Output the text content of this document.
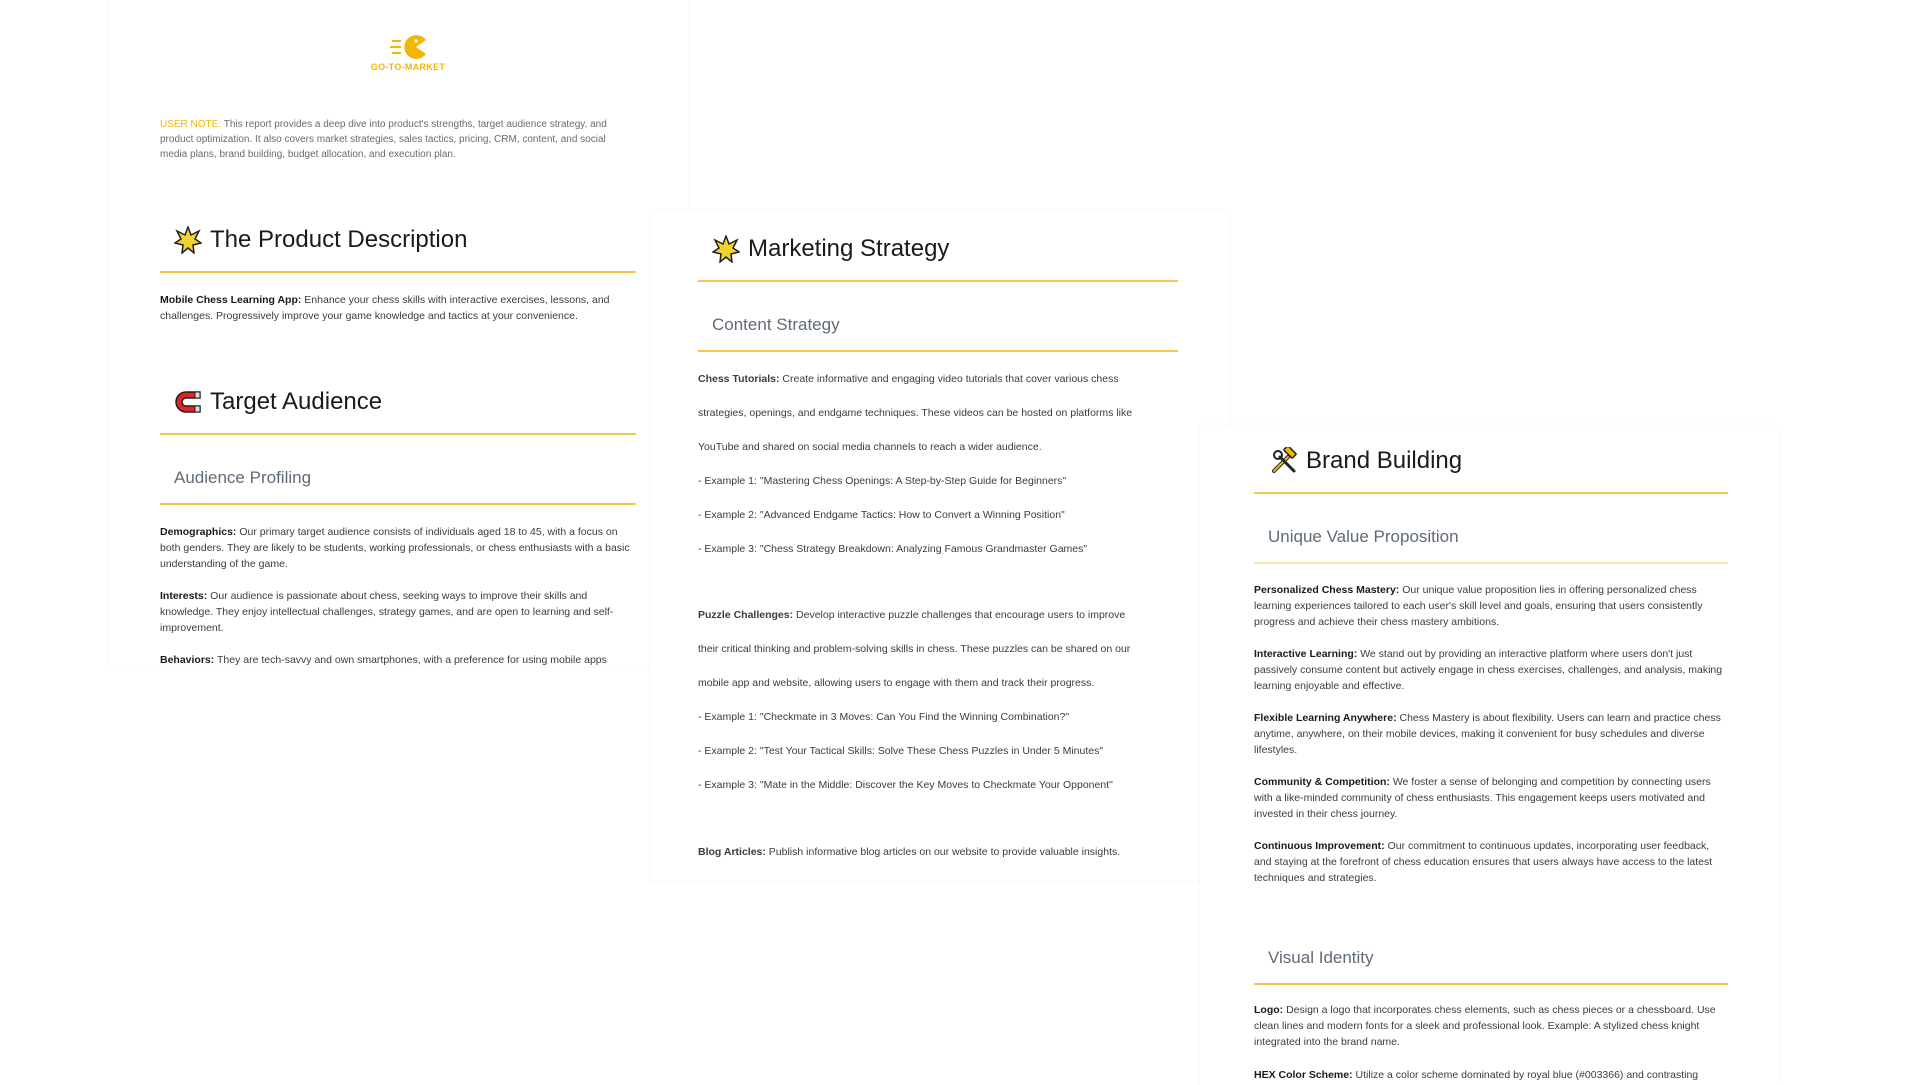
GO-TO-MARKET
USER NOTE: This report provides a deep dive into product's strengths, target audience strategy, and product optimization. It also covers market strategies, sales tactics, pricing, CRM, content, and social media plans, brand building, budget allocation, and execution plan.
The Product Description
Mobile Chess Learning App: Enhance your chess skills with interactive exercises, lessons, and challenges. Progressively improve your game knowledge and tactics at your convenience.
Target Audience
Audience Profiling
Demographics: Our primary target audience consists of individuals aged 18 to 45, with a focus on both genders. They are likely to be students, working professionals, or chess enthusiasts with a basic understanding of the game.
Interests: Our audience is passionate about chess, seeking ways to improve their skills and knowledge. They enjoy intellectual challenges, strategy games, and are open to learning and self-improvement.
Behaviors: They are tech-savvy and own smartphones, with a preference for using mobile apps
Marketing Strategy
Content Strategy
Chess Tutorials: Create informative and engaging video tutorials that cover various chess
strategies, openings, and endgame techniques. These videos can be hosted on platforms like
YouTube and shared on social media channels to reach a wider audience.
- Example 1: "Mastering Chess Openings: A Step-by-Step Guide for Beginners"
- Example 2: "Advanced Endgame Tactics: How to Convert a Winning Position"
- Example 3: "Chess Strategy Breakdown: Analyzing Famous Grandmaster Games"
Puzzle Challenges: Develop interactive puzzle challenges that encourage users to improve
their critical thinking and problem-solving skills in chess. These puzzles can be shared on our
mobile app and website, allowing users to engage with them and track their progress.
- Example 1: "Checkmate in 3 Moves: Can You Find the Winning Combination?"
- Example 2: "Test Your Tactical Skills: Solve These Chess Puzzles in Under 5 Minutes"
- Example 3: "Mate in the Middle: Discover the Key Moves to Checkmate Your Opponent"
Blog Articles: Publish informative blog articles on our website to provide valuable insights.
Brand Building
Unique Value Proposition
Personalized Chess Mastery: Our unique value proposition lies in offering personalized chess learning experiences tailored to each user's skill level and goals, ensuring that users consistently progress and achieve their chess mastery ambitions.
Interactive Learning: We stand out by providing an interactive platform where users don't just passively consume content but actively engage in chess exercises, challenges, and analysis, making learning enjoyable and effective.
Flexible Learning Anywhere: Chess Mastery is about flexibility. Users can learn and practice chess anytime, anywhere, on their mobile devices, making it convenient for busy schedules and diverse lifestyles.
Community & Competition: We foster a sense of belonging and competition by connecting users with a like-minded community of chess enthusiasts. This engagement keeps users motivated and invested in their chess journey.
Continuous Improvement: Our commitment to continuous updates, incorporating user feedback, and staying at the forefront of chess education ensures that users always have access to the latest techniques and strategies.
Visual Identity
Logo: Design a logo that incorporates chess elements, such as chess pieces or a chessboard. Use clean lines and modern fonts for a sleek and professional look. Example: A stylized chess knight integrated into the brand name.
HEX Color Scheme: Utilize a color scheme dominated by royal blue (#003366) and contrasting
